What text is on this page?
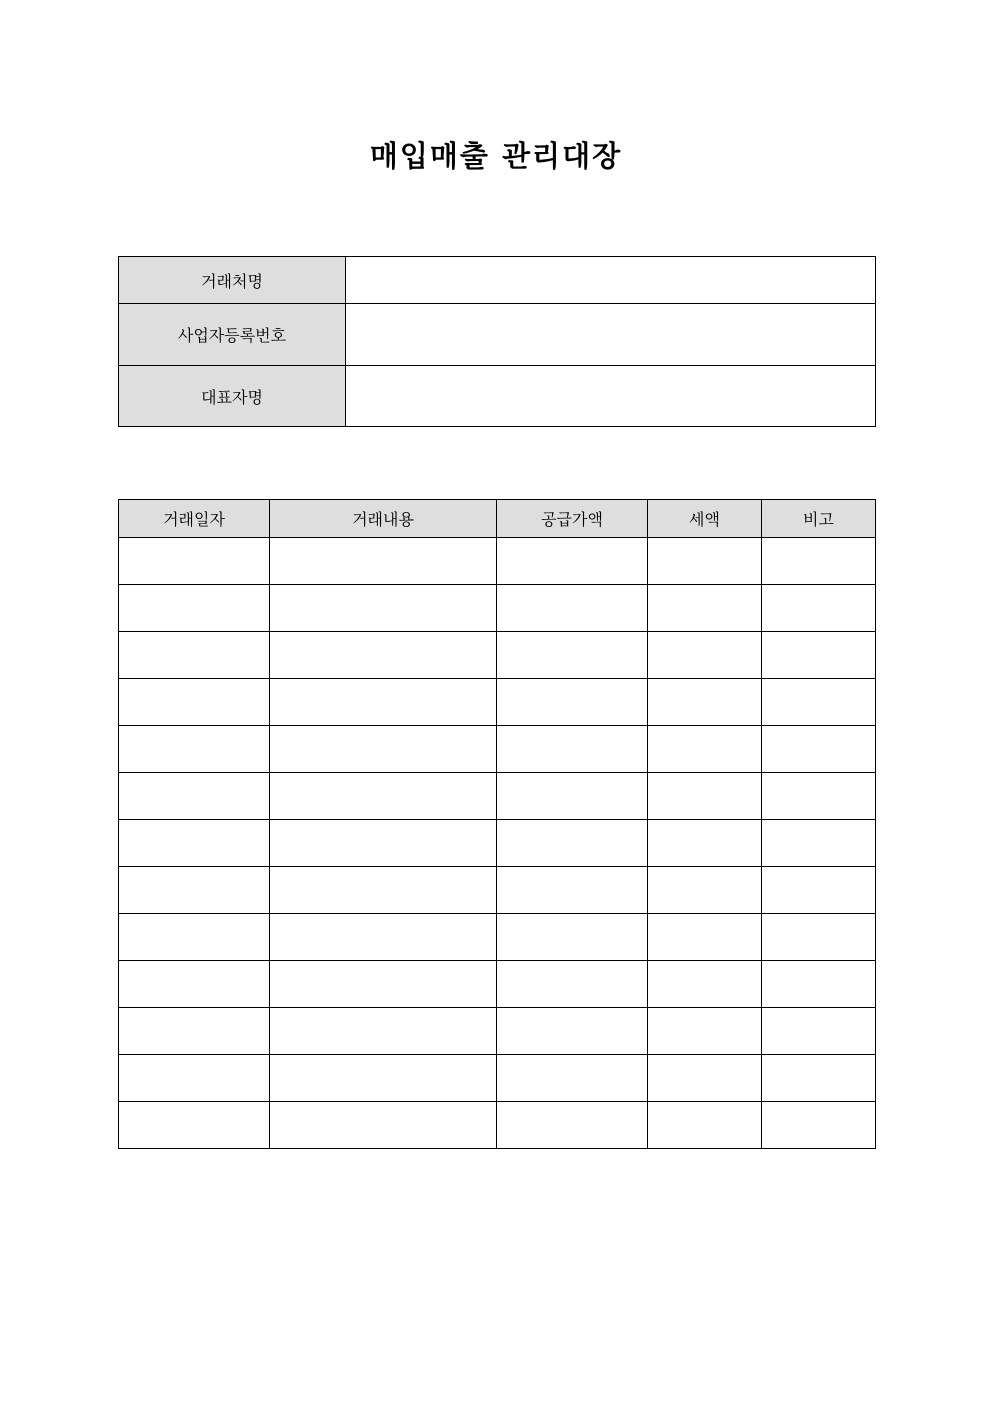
매입매출 관리대장
거래처명	
사업자등록번호	
대표자명	
거래일자	거래내용	공급가액	세액	비고
